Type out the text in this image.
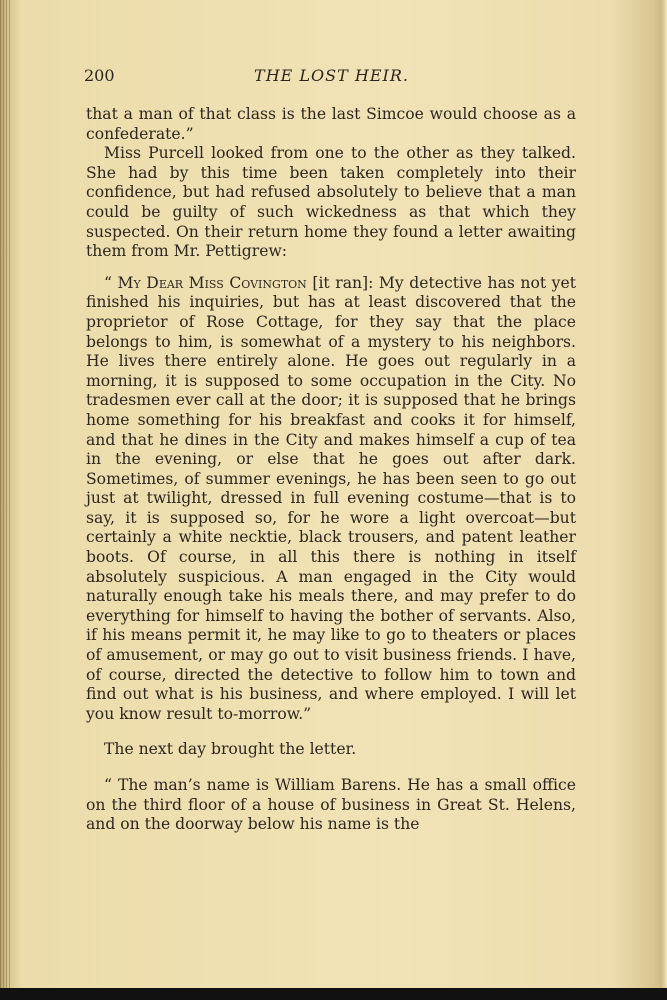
200	THE LOST HEIR.

that a man of that class is the last Simcoe would choose as a confederate.”

Miss Purcell looked from one to the other as they talked. She had by this time been taken completely into their confidence, but had refused absolutely to believe that a man could be guilty of such wickedness as that which they suspected. On their return home they found a letter awaiting them from Mr. Pettigrew:

“ My Dear Miss Covington [it ran]: My detective has not yet finished his inquiries, but has at least discovered that the proprietor of Rose Cottage, for they say that the place belongs to him, is somewhat of a mystery to his neighbors. He lives there entirely alone. He goes out regularly in a morning, it is supposed to some occupation in the City. No tradesmen ever call at the door; it is supposed that he brings home something for his breakfast and cooks it for himself, and that he dines in the City and makes himself a cup of tea in the evening, or else that he goes out after dark. Sometimes, of summer evenings, he has been seen to go out just at twilight, dressed in full evening costume—that is to say, it is supposed so, for he wore a light overcoat—but certainly a white necktie, black trousers, and patent leather boots. Of course, in all this there is nothing in itself absolutely suspicious. A man engaged in the City would naturally enough take his meals there, and may prefer to do everything for himself to having the bother of servants. Also, if his means permit it, he may like to go to theaters or places of amusement, or may go out to visit business friends. I have, of course, directed the detective to follow him to town and find out what is his business, and where employed. I will let you know result to-morrow.”

The next day brought the letter.

“ The man’s name is William Barens. He has a small office on the third floor of a house of business in Great St. Helens, and on the doorway below his name is the
